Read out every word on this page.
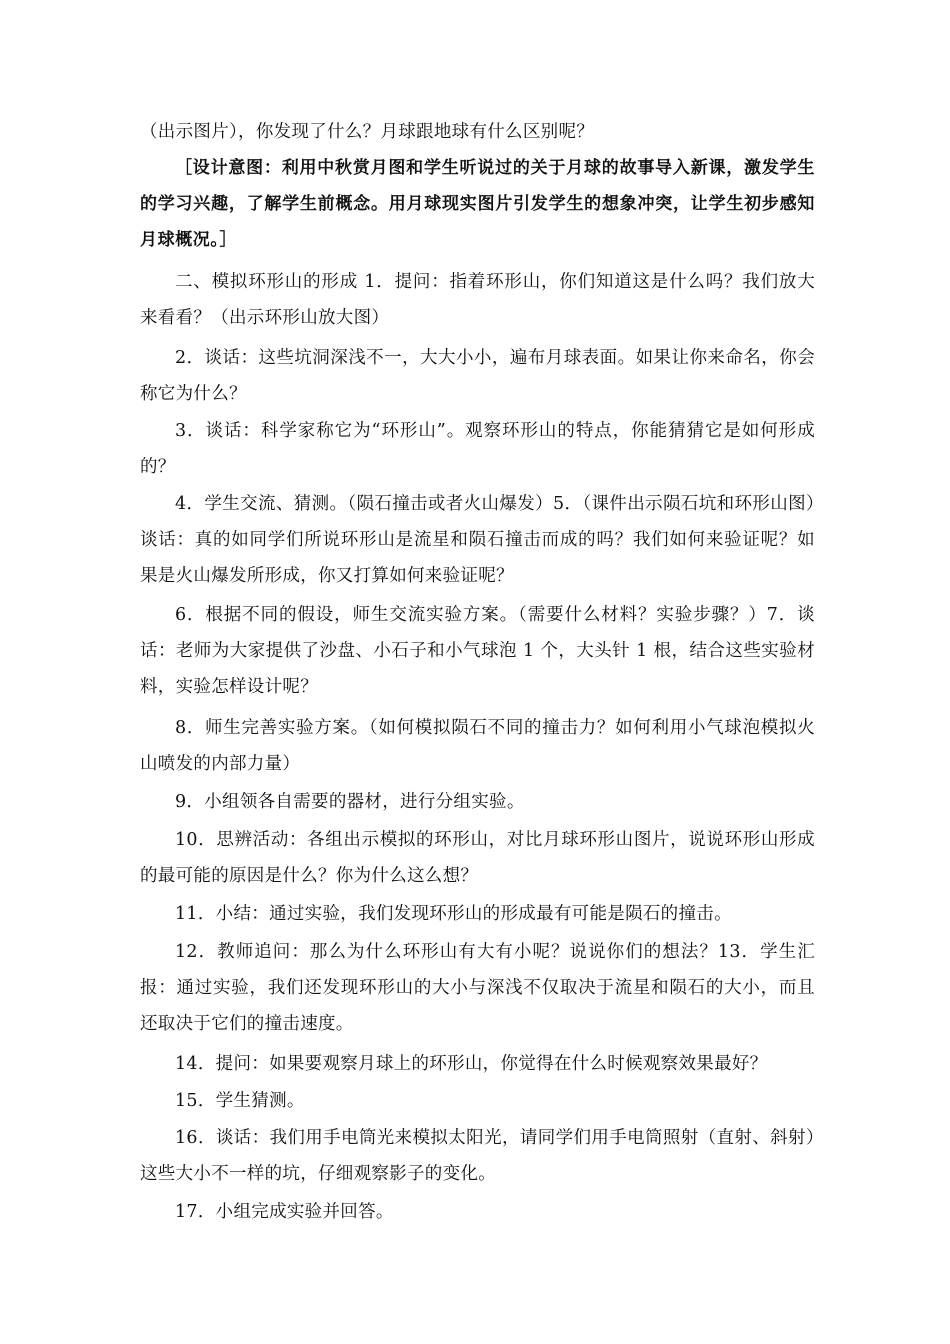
（出示图片），你发现了什么？月球跟地球有什么区别呢？

［设计意图：利用中秋赏月图和学生听说过的关于月球的故事导入新课，激发学生的学习兴趣，了解学生前概念。用月球现实图片引发学生的想象冲突，让学生初步感知月球概况。］

二、模拟环形山的形成 1．提问：指着环形山，你们知道这是什么吗？我们放大来看看？（出示环形山放大图）

2．谈话：这些坑洞深浅不一，大大小小，遍布月球表面。如果让你来命名，你会称它为什么？

3．谈话：科学家称它为“环形山”。观察环形山的特点，你能猜猜它是如何形成的？

4．学生交流、猜测。（陨石撞击或者火山爆发）5．（课件出示陨石坑和环形山图）谈话：真的如同学们所说环形山是流星和陨石撞击而成的吗？我们如何来验证呢？如果是火山爆发所形成，你又打算如何来验证呢？

6．根据不同的假设，师生交流实验方案。（需要什么材料？实验步骤？）7．谈话：老师为大家提供了沙盘、小石子和小气球泡 1 个，大头针 1 根，结合这些实验材料，实验怎样设计呢？

8．师生完善实验方案。（如何模拟陨石不同的撞击力？如何利用小气球泡模拟火山喷发的内部力量）

9．小组领各自需要的器材，进行分组实验。

10．思辨活动：各组出示模拟的环形山，对比月球环形山图片，说说环形山形成的最可能的原因是什么？你为什么这么想？

11．小结：通过实验，我们发现环形山的形成最有可能是陨石的撞击。

12．教师追问：那么为什么环形山有大有小呢？说说你们的想法？13．学生汇报：通过实验，我们还发现环形山的大小与深浅不仅取决于流星和陨石的大小，而且还取决于它们的撞击速度。

14．提问：如果要观察月球上的环形山，你觉得在什么时候观察效果最好？

15．学生猜测。

16．谈话：我们用手电筒光来模拟太阳光，请同学们用手电筒照射（直射、斜射）这些大小不一样的坑，仔细观察影子的变化。

17．小组完成实验并回答。
